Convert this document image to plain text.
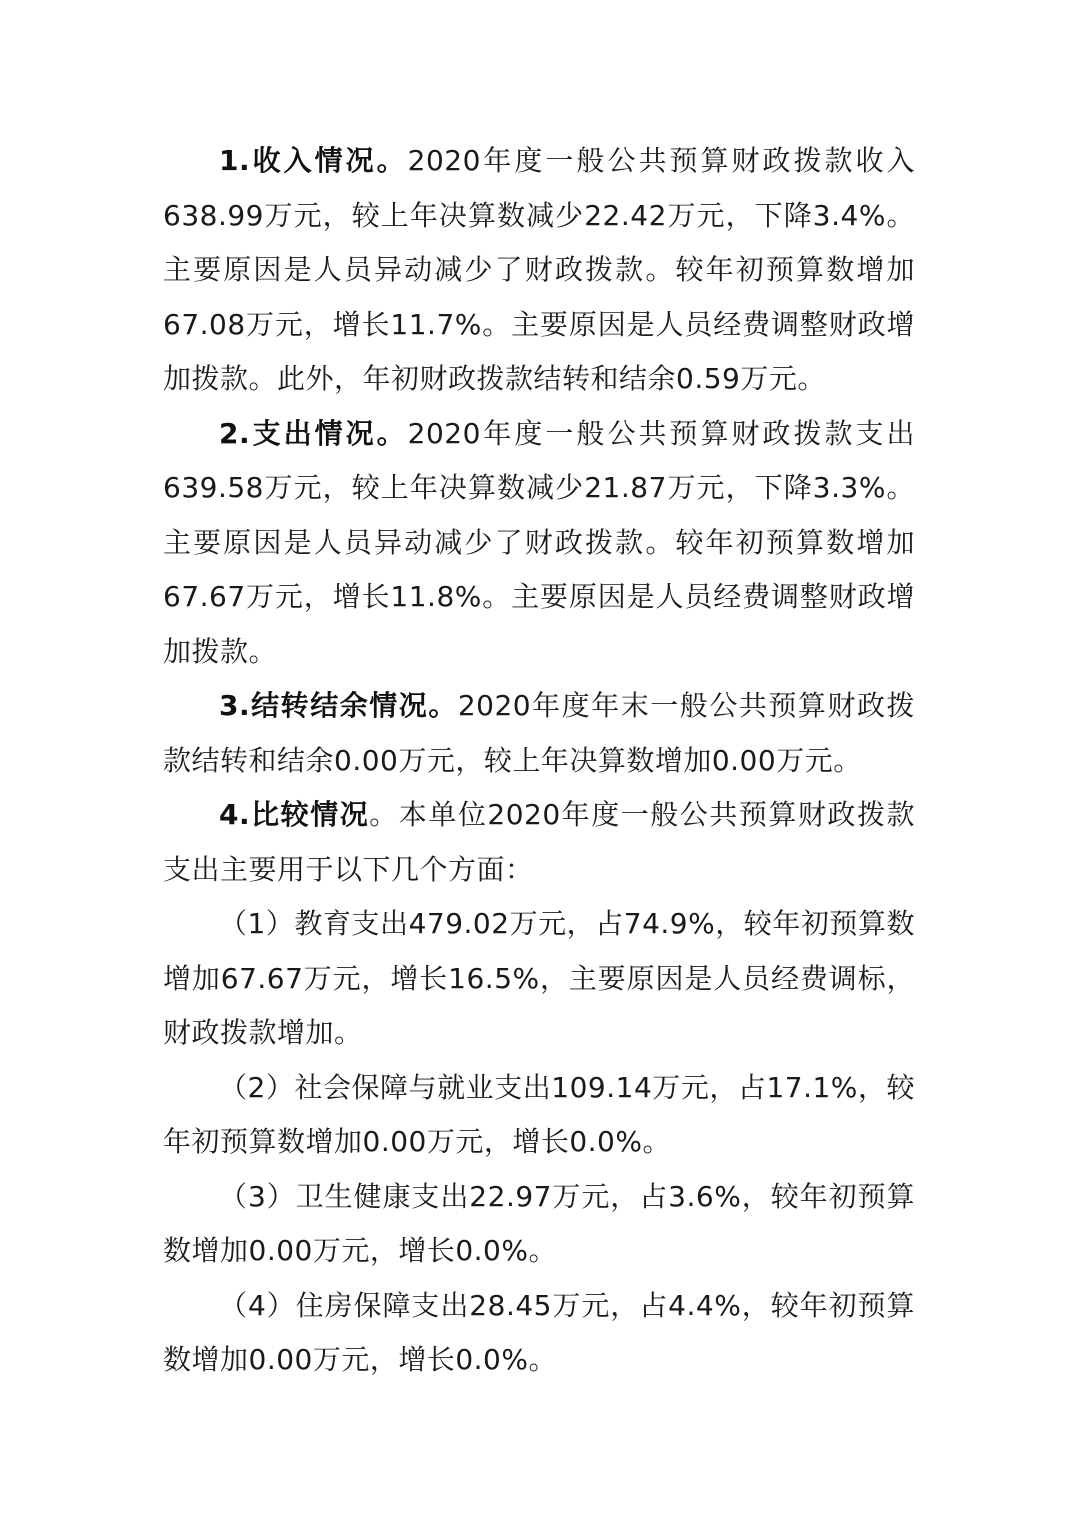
1.收入情况。2020年度一般公共预算财政拨款收入638.99万元，较上年决算数减少22.42万元，下降3.4%。主要原因是人员异动减少了财政拨款。较年初预算数增加67.08万元，增长11.7%。主要原因是人员经费调整财政增加拨款。此外，年初财政拨款结转和结余0.59万元。

2.支出情况。2020年度一般公共预算财政拨款支出639.58万元，较上年决算数减少21.87万元，下降3.3%。主要原因是人员异动减少了财政拨款。较年初预算数增加67.67万元，增长11.8%。主要原因是人员经费调整财政增加拨款。

3.结转结余情况。2020年度年末一般公共预算财政拨款结转和结余0.00万元，较上年决算数增加0.00万元。

4.比较情况。本单位2020年度一般公共预算财政拨款支出主要用于以下几个方面：

（1）教育支出479.02万元，占74.9%，较年初预算数增加67.67万元，增长16.5%，主要原因是人员经费调标，财政拨款增加。

（2）社会保障与就业支出109.14万元，占17.1%，较年初预算数增加0.00万元，增长0.0%。

（3）卫生健康支出22.97万元，占3.6%，较年初预算数增加0.00万元，增长0.0%。

（4）住房保障支出28.45万元，占4.4%，较年初预算数增加0.00万元，增长0.0%。
